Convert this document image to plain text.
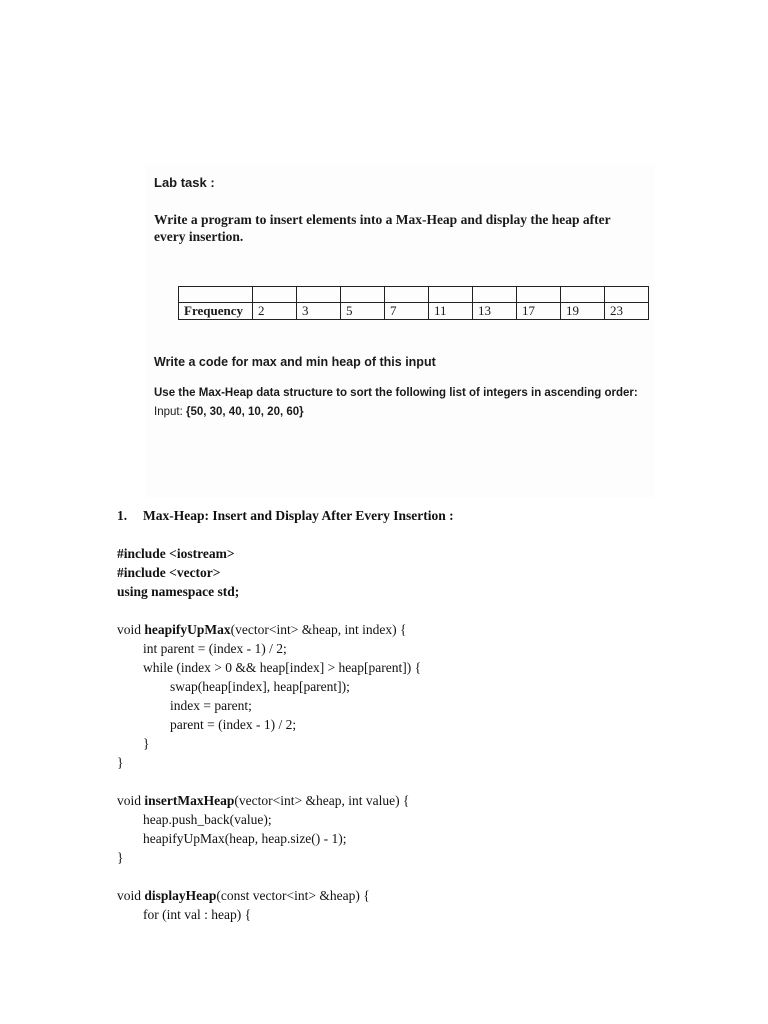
Lab task :
Write a program to insert elements into a Max-Heap and display the heap after every insertion.

Frequency	2	3	5	7	11	13	17	19	23
Write a code for max and min heap of this input
Use the Max-Heap data structure to sort the following list of integers in ascending order:
Input: {50, 30, 40, 10, 20, 60}
1. Max-Heap: Insert and Display After Every Insertion :
#include <iostream>
#include <vector>
using namespace std;
void heapifyUpMax(vector<int> &heap, int index) {
int parent = (index - 1) / 2;
while (index > 0 && heap[index] > heap[parent]) {
swap(heap[index], heap[parent]);
index = parent;
parent = (index - 1) / 2;
}
}
void insertMaxHeap(vector<int> &heap, int value) {
heap.push_back(value);
heapifyUpMax(heap, heap.size() - 1);
}
void displayHeap(const vector<int> &heap) {
for (int val : heap) {
